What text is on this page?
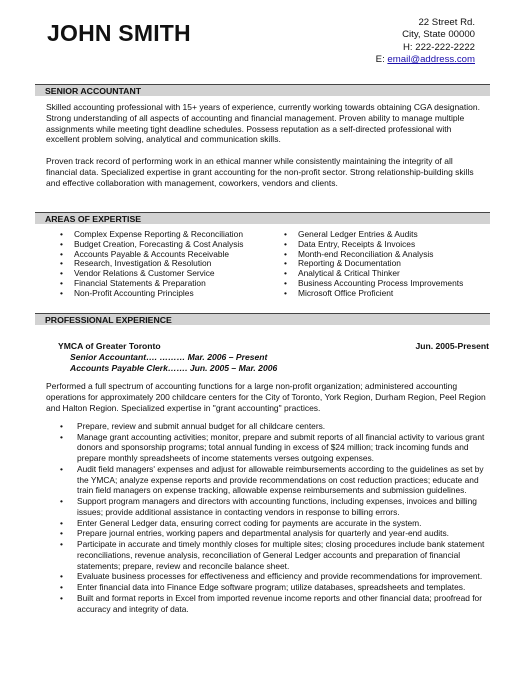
JOHN SMITH	22 Street Rd.
City, State 00000
H: 222-222-2222
E: email@address.com
SENIOR ACCOUNTANT
Skilled accounting professional with 15+ years of experience, currently working towards obtaining CGA designation. Strong understanding of all aspects of accounting and financial management. Proven ability to manage multiple assignments while meeting tight deadline schedules. Possess reputation as a self-directed professional with excellent problem solving, analytical and communication skills.
Proven track record of performing work in an ethical manner while consistently maintaining the integrity of all financial data. Specialized expertise in grant accounting for the non-profit sector. Strong relationship-building skills and effective collaboration with management, coworkers, vendors and clients.
AREAS OF EXPERTISE
• Complex Expense Reporting & Reconciliation
• Budget Creation, Forecasting & Cost Analysis
• Accounts Payable & Accounts Receivable
• Research, Investigation & Resolution
• Vendor Relations & Customer Service
• Financial Statements & Preparation
• Non-Profit Accounting Principles
• General Ledger Entries & Audits
• Data Entry, Receipts & Invoices
• Month-end Reconciliation & Analysis
• Reporting & Documentation
• Analytical & Critical Thinker
• Business Accounting Process Improvements
• Microsoft Office Proficient
PROFESSIONAL EXPERIENCE
YMCA of Greater Toronto	Jun. 2005-Present
Senior Accountant…. ……… Mar. 2006 – Present
Accounts Payable Clerk……. Jun. 2005 – Mar. 2006
Performed a full spectrum of accounting functions for a large non-profit organization; administered accounting operations for approximately 200 childcare centers for the City of Toronto, York Region, Durham Region, Peel Region and Halton Region. Specialized expertise in "grant accounting" practices.
• Prepare, review and submit annual budget for all childcare centers.
• Manage grant accounting activities; monitor, prepare and submit reports of all financial activity to various grant donors and sponsorship programs; total annual funding in excess of $24 million; track incoming funds and prepare monthly spreadsheets of income statements verses outgoing expenses.
• Audit field managers' expenses and adjust for allowable reimbursements according to the guidelines as set by the YMCA; analyze expense reports and provide recommendations on cost reduction practices; educate and train field managers on expense tracking, allowable expense reimbursements and submission guidelines.
• Support program managers and directors with accounting functions, including expenses, invoices and billing issues; provide additional assistance in contacting vendors in response to billing errors.
• Enter General Ledger data, ensuring correct coding for payments are accurate in the system.
• Prepare journal entries, working papers and departmental analysis for quarterly and year-end audits.
• Participate in accurate and timely monthly closes for multiple sites; closing procedures include bank statement reconciliations, revenue analysis, reconciliation of General Ledger accounts and preparation of financial statements; prepare, review and reconcile balance sheet.
• Evaluate business processes for effectiveness and efficiency and provide recommendations for improvement.
• Enter financial data into Finance Edge software program; utilize databases, spreadsheets and templates.
• Built and format reports in Excel from imported revenue income reports and other financial data; proofread for accuracy and integrity of data.
